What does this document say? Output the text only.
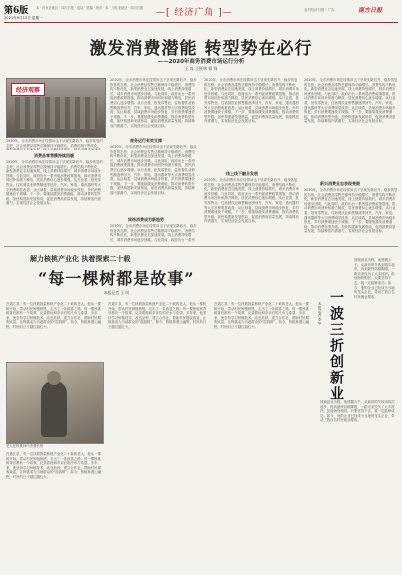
第6版 本 · 川东北地区 · 四川日报 · 电话 · 美编 · 校对 · 本 · 川东北地区 · 四川日报
2021年9月13日 星期一	—[ 经济广角 ]—	农村经济日报 · 广告	南方日报
激发消费潜能 转型势在必行
——2020年商务消费市场运行分析
王 涛 王跃林 曹 锋
经济观察
2020年，全市消费市场在疫情冲击下呈现先降后升、稳步恢复的态势，社会消费品零售总额保持平稳增长。消费结构不断优化，
消费品零售额持续回暖
2020年，全市消费市场在疫情冲击下呈现先降后升、稳步恢复的态势，社会消费品零售总额保持平稳增长。消费结构不断优化，新型消费业态加速发展，线上消费持续增长，城乡消费市场逐步回暖。与此同时，政府出台一系列促消费政策措施，推动消费市场回补和潜力释放，居民消费信心逐步增强。从行业看，批发零售业、住宿餐饮业销售额逐季回升，汽车、家电、通讯器材等大宗消费明显改善；从区域看，县域消费市场稳步恢复，乡村消费增速快于城镇。下一步，要继续激发消费潜能，推动消费转型升级，加快构建新发展格局，促进消费高质量发展，持续释放内需潜力，实现经济社会发展目标。
2020年，全市消费市场在疫情冲击下呈现先降后升、稳步恢复的态势，社会消费品零售总额保持平稳增长。消费结构不断优化，新型消费业态加速发展，线上消费持续增长，城乡消费市场逐步回暖。与此同时，政府出台一系列促消费政策措施，推动消费市场回补和潜力释放，居民消费信心逐步增强。从行业看，批发零售业、住宿餐饮业销售额逐季回升，汽车、家电、通讯器材等大宗消费明显改善；从区域看，县域消费市场稳步恢复，乡村消费增速快于城镇。下一步，要继续激发消费潜能，推动消费转型升级，加快构建新发展格局，促进消费高质量发展，持续释放内需潜力，实现经济社会发展目标。
商务运行有效支撑
2020年，全市消费市场在疫情冲击下呈现先降后升、稳步恢复的态势，社会消费品零售总额保持平稳增长。消费结构不断优化，新型消费业态加速发展，线上消费持续增长，城乡消费市场逐步回暖。与此同时，政府出台一系列促消费政策措施，推动消费市场回补和潜力释放，居民消费信心逐步增强。从行业看，批发零售业、住宿餐饮业销售额逐季回升，汽车、家电、通讯器材等大宗消费明显改善；从区域看，县域消费市场稳步恢复，乡村消费增速快于城镇。下一步，要继续激发消费潜能，推动消费转型升级，加快构建新发展格局，促进消费高质量发展，持续释放内需潜力，实现经济社会发展目标。
网络消费成为新趋势
2020年，全市消费市场在疫情冲击下呈现先降后升、稳步恢复的态势，社会消费品零售总额保持平稳增长。消费结构不断优化，新型消费业态加速发展，线上消费持续增长，城乡消费市场逐步回暖。与此同时，政府出台一系列
2020年，全市消费市场在疫情冲击下呈现先降后升、稳步恢复的态势，社会消费品零售总额保持平稳增长。消费结构不断优化，新型消费业态加速发展，线上消费持续增长，城乡消费市场逐步回暖。与此同时，政府出台一系列促消费政策措施，推动消费市场回补和潜力释放，居民消费信心逐步增强。从行业看，批发零售业、住宿餐饮业销售额逐季回升，汽车、家电、通讯器材等大宗消费明显改善；从区域看，县域消费市场稳步恢复，乡村消费增速快于城镇。下一步，要继续激发消费潜能，推动消费转型升级，加快构建新发展格局，促进消费高质量发展，持续释放内需潜力，实现经济社会发展目标。
线上线下融合发展
2020年，全市消费市场在疫情冲击下呈现先降后升、稳步恢复的态势，社会消费品零售总额保持平稳增长。消费结构不断优化，新型消费业态加速发展，线上消费持续增长，城乡消费市场逐步回暖。与此同时，政府出台一系列促消费政策措施，推动消费市场回补和潜力释放，居民消费信心逐步增强。从行业看，批发零售业、住宿餐饮业销售额逐季回升，汽车、家电、通讯器材等大宗消费明显改善；从区域看，县域消费市场稳步恢复，乡村消费增速快于城镇。下一步，要继续激发消费潜能，推动消费转型升级，加快构建新发展格局，促进消费高质量发展，持续释放内需潜力，实现经济社会发展目标。
2020年，全市消费市场在疫情冲击下呈现先降后升、稳步恢复的态势，社会消费品零售总额保持平稳增长。消费结构不断优化，新型消费业态加速发展，线上消费持续增长，城乡消费市场逐步回暖。与此同时，政府出台一系列促消费政策措施，推动消费市场回补和潜力释放，居民消费信心逐步增强。从行业看，批发零售业、住宿餐饮业销售额逐季回升，汽车、家电、通讯器材等大宗消费明显改善；从区域看，县域消费市场稳步恢复，乡村消费增速快于城镇。下一步，要继续激发消费潜能，推动消费转型升级，加快构建新发展格局，促进消费高质量发展，持续释放内需潜力，实现经济社会发展目标。
新兴消费业态表现亮眼
2020年，全市消费市场在疫情冲击下呈现先降后升、稳步恢复的态势，社会消费品零售总额保持平稳增长。消费结构不断优化，新型消费业态加速发展，线上消费持续增长，城乡消费市场逐步回暖。与此同时，政府出台一系列促消费政策措施，推动消费市场回补和潜力释放，居民消费信心逐步增强。从行业看，批发零售业、住宿餐饮业销售额逐季回升，汽车、家电、通讯器材等大宗消费明显改善；从区域看，县域消费市场稳步恢复，乡村消费增速快于城镇。下一步，要继续激发消费潜能，推动消费转型升级，加快构建新发展格局，促进消费高质量发展，持续释放内需潜力，实现经济社会发展目标。
解力核桃产业化 执着探索二十载
“每一棵树都是故事”
本报记者 王 明
在通江县，有一位执着探索核桃产业化二十载的老人。他从一棵树开始，带动村民种植核桃，走出了一条致富之路。每一棵核桃树背后都有一个故事，记录着他和乡亲们的汗水与希望。多年来，他坚持学习种植技术，改良品种，建立合作社，帮助村民增收致富，让核桃成为当地群众的“摇钱树”。如今，核桃林漫山遍野，村民的日子越过越红火。
老人在核桃林中查看长势
在通江县，有一位执着探索核桃产业化二十载的老人。他从一棵树开始，带动村民种植核桃，走出了一条致富之路。每一棵核桃树背后都有一个故事，记录着他和乡亲们的汗水与希望。多年来，他坚持学习种植技术，改良品种，建立合作社，帮助村民增收致富，让核桃成为当地群众的“摇钱树”。如今，核桃林漫山遍野，村民的日子越过越红火。
在通江县，有一位执着探索核桃产业化二十载的老人。他从一棵树开始，带动村民种植核桃，走出了一条致富之路。每一棵核桃树背后都有一个故事，记录着他和乡亲们的汗水与希望。多年来，他坚持学习种植技术，改良品种，建立合作社，帮助村民增收致富，让核桃成为当地群众的“摇钱树”。如今，核桃林漫山遍野，村民的日子越过越红火。
在通江县，有一位执着探索核桃产业化二十载的老人。他从一棵树开始，带动村民种植核桃，走出了一条致富之路。每一棵核桃树背后都有一个故事，记录着他和乡亲们的汗水与希望。多年来，他坚持学习种植技术，改良品种，建立合作社，帮助村民增收致富，让核桃成为当地群众的“摇钱树”。如今，核桃林漫山遍野，村民的日子越过越红火。	一波三折创新业
本报记者 李华
回顾创业历程，他感慨万千。从最初的失败到再次起步，再到最终站稳脚跟，一路走来经历了太多波折。但他始终相信，只要坚持下去，就一定能够成功。如今，他的企业已经成为当地的龙头企业，带动了数百名村民就业增收。
回顾创业历程，他感慨万千。从最初的失败到再次起步，再到最终站稳脚跟，一路走来经历了太多波折。但他始终相信，只要坚持下去，就一定能够成功。如今，他的企业已经成为当地的龙头企业，带动了数百名村民就业增收。
